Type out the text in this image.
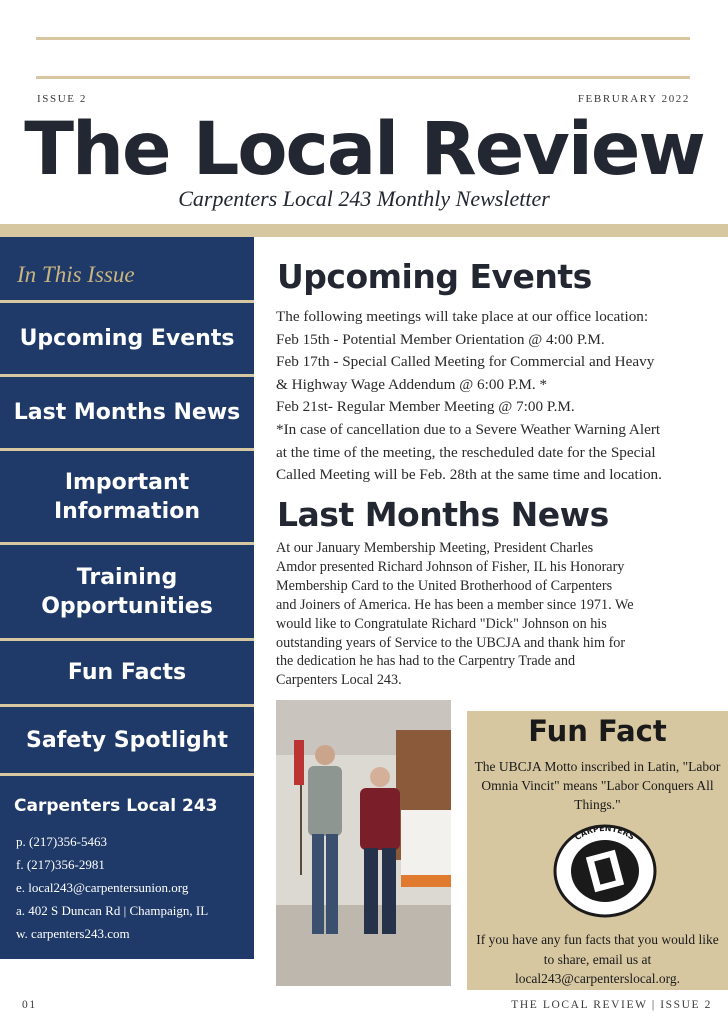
ISSUE 2	FEBRURARY 2022
The Local Review
Carpenters Local 243 Monthly Newsletter
In This Issue
Upcoming Events
Last Months News
Important
Information
Training
Opportunities
Fun Facts
Safety Spotlight
Carpenters Local 243
p. (217)356-5463
f. (217)356-2981
e. local243@carpentersunion.org
a. 402 S Duncan Rd | Champaign, IL
w. carpenters243.com
Upcoming Events
The following meetings will take place at our office location:
Feb 15th - Potential Member Orientation @ 4:00 P.M.
Feb 17th - Special Called Meeting for Commercial and Heavy
& Highway Wage Addendum @ 6:00 P.M. *
Feb 21st- Regular Member Meeting @ 7:00 P.M.
*In case of cancellation due to a Severe Weather Warning Alert
at the time of the meeting, the rescheduled date for the Special
Called Meeting will be Feb. 28th at the same time and location.
Last Months News
At our January Membership Meeting, President Charles
Amdor presented Richard Johnson of Fisher, IL his Honorary
Membership Card to the United Brotherhood of Carpenters
and Joiners of America. He has been a member since 1971. We
would like to Congratulate Richard "Dick" Johnson on his
outstanding years of Service to the UBCJA and thank him for
the dedication he has had to the Carpentry Trade and
Carpenters Local 243.
Fun Fact
The UBCJA Motto inscribed in Latin, "Labor Omnia Vincit" means "Labor Conquers All Things."
CARPENTERS
If you have any fun facts that you would like to share, email us at local243@carpenterslocal.org.
01	THE LOCAL REVIEW | ISSUE 2
